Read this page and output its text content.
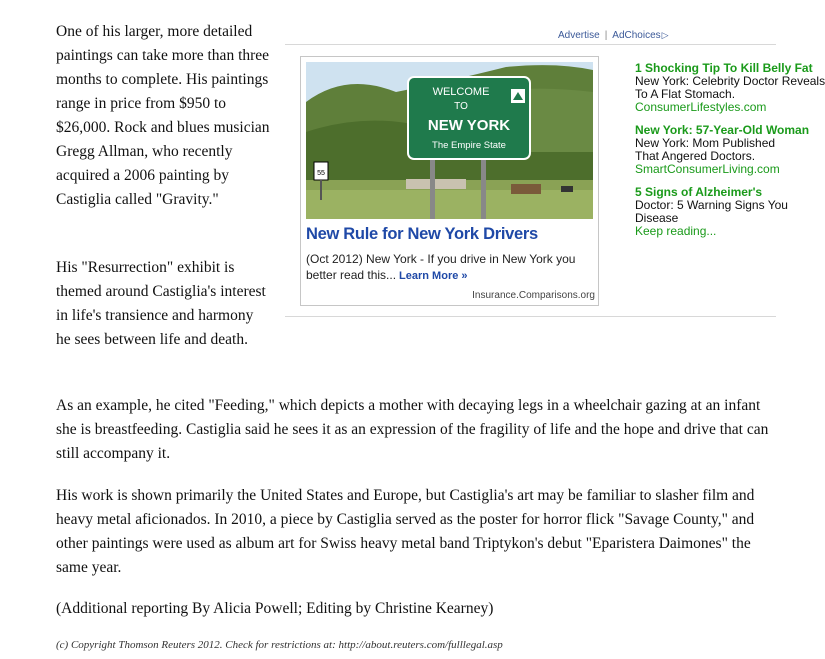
One of his larger, more detailed paintings can take more than three months to complete. His paintings range in price from $950 to $26,000. Rock and blues musician Gregg Allman, who recently acquired a 2006 painting by Castiglia called "Gravity."

His "Resurrection" exhibit is themed around Castiglia's interest in life's transience and harmony he sees between life and death.

As an example, he cited "Feeding," which depicts a mother with decaying legs in a wheelchair gazing at an infant she is breastfeeding. Castiglia said he sees it as an expression of the fragility of life and the hope and drive that can still accompany it.

His work is shown primarily the United States and Europe, but Castiglia's art may be familiar to slasher film and heavy metal aficionados. In 2010, a piece by Castiglia served as the poster for horror flick "Savage County," and other paintings were used as album art for Swiss heavy metal band Triptykon's debut "Eparistera Daimones" the same year.

(Additional reporting By Alicia Powell; Editing by Christine Kearney)

(c) Copyright Thomson Reuters 2012. Check for restrictions at: http://about.reuters.com/fulllegal.asp

Advertise | AdChoices▷
55
WELCOME
TO
NEW YORK
The Empire State
New Rule for New York Drivers
(Oct 2012) New York - If you drive in New York you better read this... Learn More »
Insurance.Comparisons.org
1 Shocking Tip To Kill Belly Fat
New York: Celebrity Doctor Reveals
To A Flat Stomach.
ConsumerLifestyles.com
New York: 57-Year-Old Woman
New York: Mom Published
That Angered Doctors.
SmartConsumerLiving.com
5 Signs of Alzheimer's
Doctor: 5 Warning Signs You
Disease
Keep reading...
